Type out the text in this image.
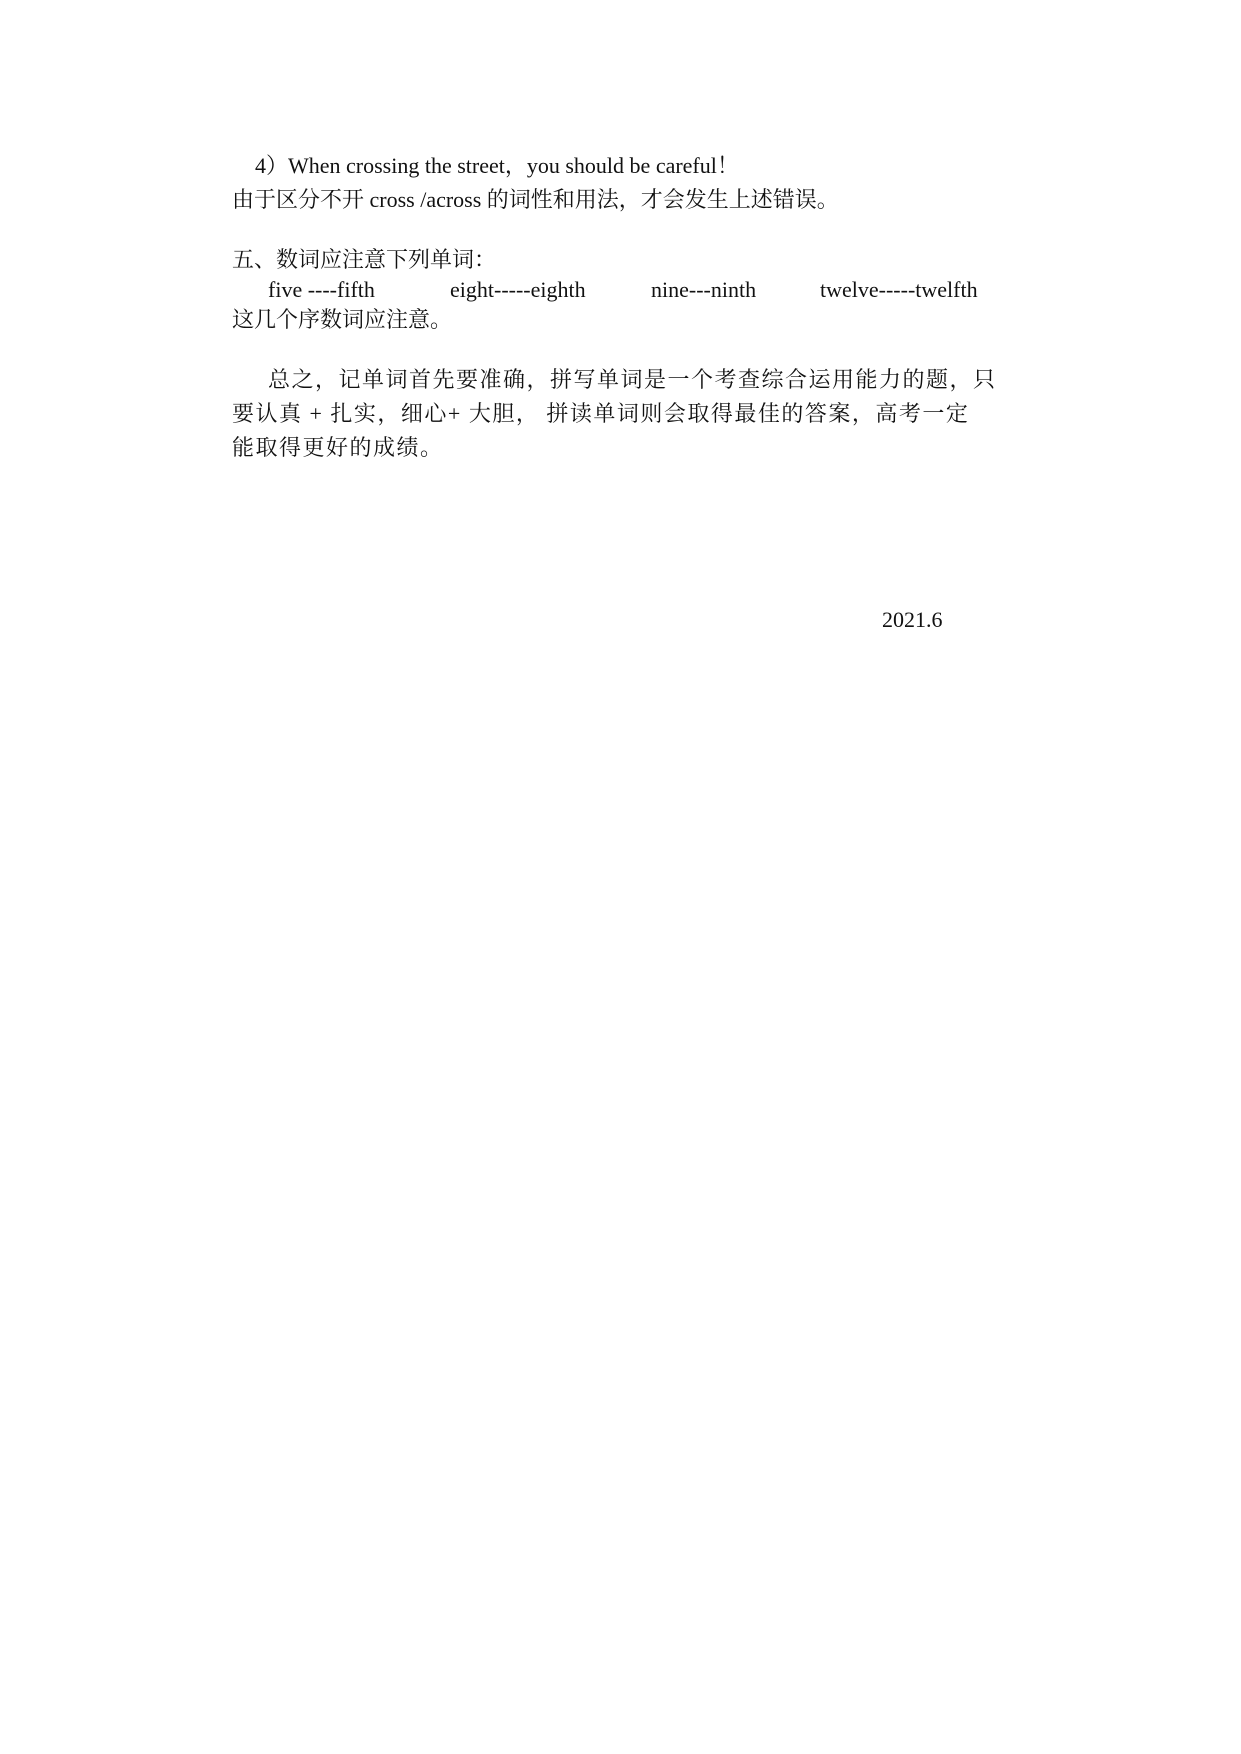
4）When crossing the street，you should be careful！
由于区分不开 cross /across 的词性和用法，才会发生上述错误。
五、数词应注意下列单词：
five ----fifth	eight-----eighth	nine---ninth	twelve-----twelfth
这几个序数词应注意。
总之，记单词首先要准确，拼写单词是一个考查综合运用能力的题，只
要认真 + 扎实，细心+ 大胆， 拼读单词则会取得最佳的答案，高考一定
能取得更好的成绩。
2021.6
